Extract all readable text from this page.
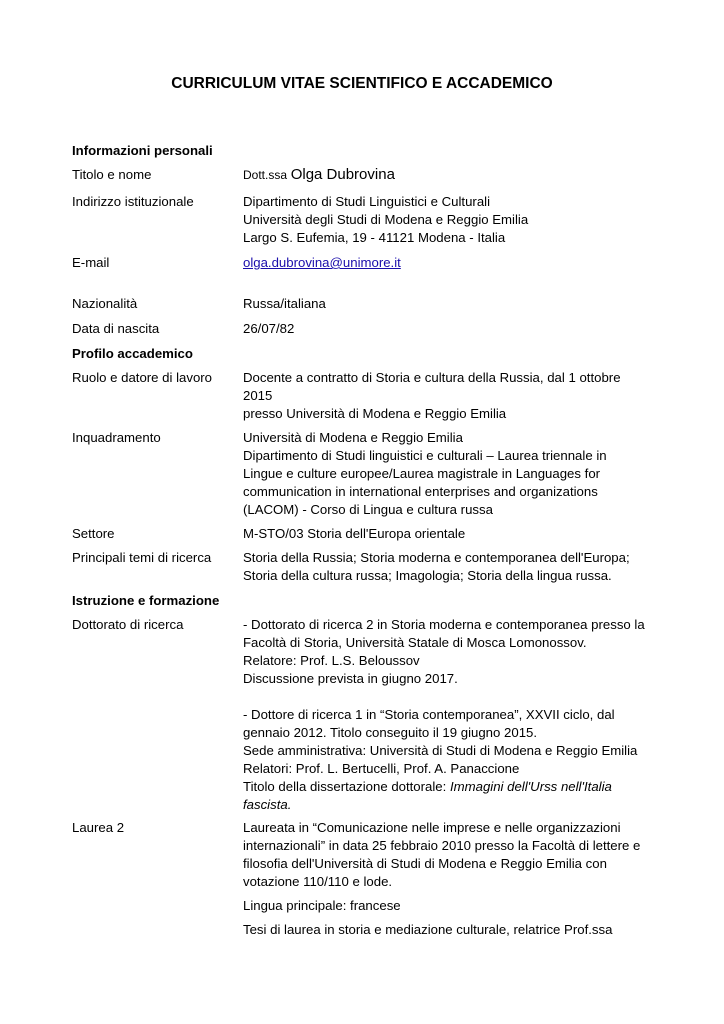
CURRICULUM VITAE SCIENTIFICO E ACCADEMICO
Informazioni personali
Titolo e nome	Dott.ssa Olga Dubrovina
Indirizzo istituzionale	Dipartimento di Studi Linguistici e Culturali

Università degli Studi di Modena e Reggio Emilia

Largo S. Eufemia, 19 - 41121 Modena - Italia

E-mail	olga.dubrovina@unimore.it
Nazionalità	Russa/italiana
Data di nascita	26/07/82
Profilo accademico
Ruolo e datore di lavoro	Docente a contratto di Storia e cultura della Russia, dal 1 ottobre

2015

presso Università di Modena e Reggio Emilia

Inquadramento	Università di Modena e Reggio Emilia

Dipartimento di Studi linguistici e culturali – Laurea triennale in

Lingue e culture europee/Laurea magistrale in Languages for

communication in international enterprises and organizations

(LACOM) - Corso di Lingua e cultura russa

Settore	M-STO/03 Storia dell'Europa orientale
Principali temi di ricerca	Storia della Russia; Storia moderna e contemporanea dell'Europa;

Storia della cultura russa; Imagologia; Storia della lingua russa.

Istruzione e formazione
Dottorato di ricerca	- Dottorato di ricerca 2 in Storia moderna e contemporanea presso la

Facoltà di Storia, Università Statale di Mosca Lomonossov.

Relatore: Prof. L.S. Beloussov

Discussione prevista in giugno 2017.

- Dottore di ricerca 1 in “Storia contemporanea”, XXVII ciclo, dal

gennaio 2012. Titolo conseguito il 19 giugno 2015.

Sede amministrativa: Università di Studi di Modena e Reggio Emilia

Relatori: Prof. L. Bertucelli, Prof. A. Panaccione

Titolo della dissertazione dottorale: Immagini dell'Urss nell'Italia

fascista.

Laurea 2	Laureata in “Comunicazione nelle imprese e nelle organizzazioni

internazionali” in data 25 febbraio 2010 presso la Facoltà di lettere e

filosofia dell'Università di Studi di Modena e Reggio Emilia con

votazione 110/110 e lode.

Lingua principale: francese

Tesi di laurea in storia e mediazione culturale, relatrice Prof.ssa
